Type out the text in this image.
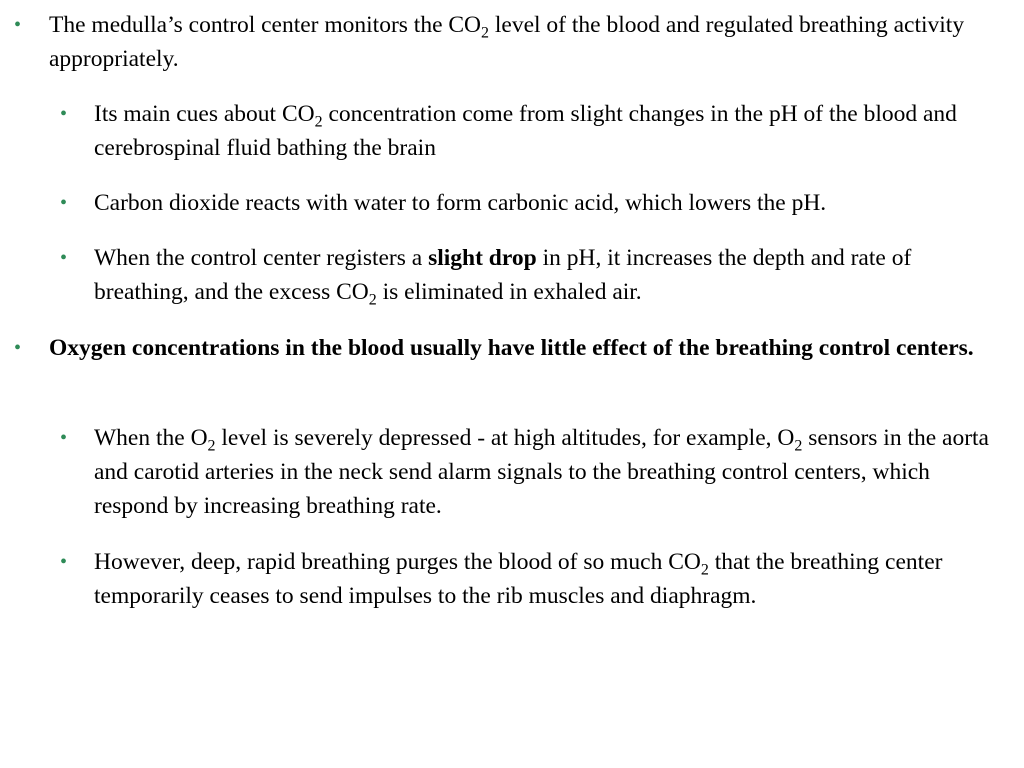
• The medulla’s control center monitors the $CO_2$ level of the blood and regulated breathing activity appropriately.
• Its main cues about $CO_2$ concentration come from slight changes in the pH of the blood and cerebrospinal fluid bathing the brain
• Carbon dioxide reacts with water to form carbonic acid, which lowers the pH.
• When the control center registers a slight drop in pH, it increases the depth and rate of breathing, and the excess $CO_2$ is eliminated in exhaled air.
• Oxygen concentrations in the blood usually have little effect of the breathing control centers.
• When the $O_2$ level is severely depressed - at high altitudes, for example, $O_2$ sensors in the aorta and carotid arteries in the neck send alarm signals to the breathing control centers, which respond by increasing breathing rate.
• However, deep, rapid breathing purges the blood of so much $CO_2$ that the breathing center temporarily ceases to send impulses to the rib muscles and diaphragm.
